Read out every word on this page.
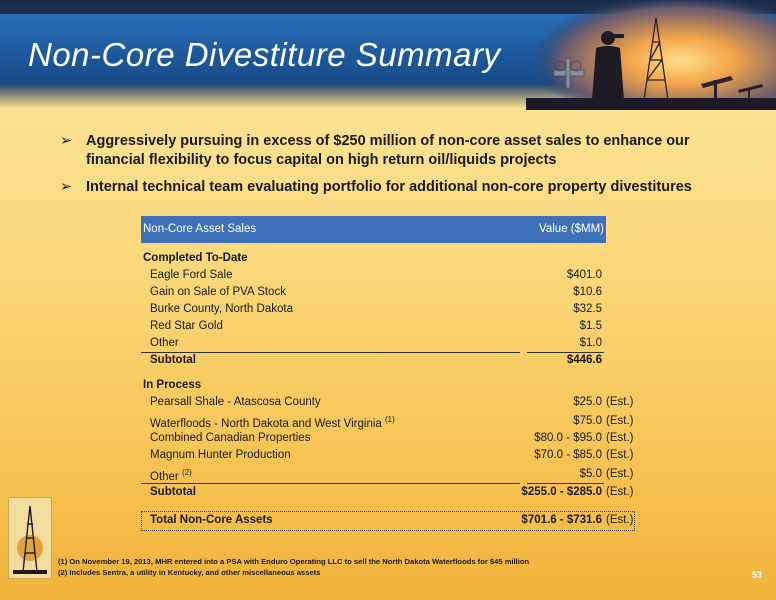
Non-Core Divestiture Summary
➢ Aggressively pursuing in excess of $250 million of non-core asset sales to enhance our
financial flexibility to focus capital on high return oil/liquids projects
➢ Internal technical team evaluating portfolio for additional non-core property divestitures
Non-Core Asset Sales	Value ($MM)
Completed To-Date
Eagle Ford Sale	$401.0
Gain on Sale of PVA Stock	$10.6
Burke County, North Dakota	$32.5
Red Star Gold	$1.5
Other	$1.0
Subtotal	$446.6
In Process
Pearsall Shale - Atascosa County	$25.0 (Est.)
Waterfloods - North Dakota and West Virginia $^{(1)}$	$75.0 (Est.)
Combined Canadian Properties	$80.0 - $95.0 (Est.)
Magnum Hunter Production	$70.0 - $85.0 (Est.)
Other $^{(2)}$	$5.0 (Est.)
Subtotal	$255.0 - $285.0 (Est.)
Total Non-Core Assets	$701.6 - $731.6 (Est.)
(1) On November 19, 2013, MHR entered into a PSA with Enduro Operating LLC to sell the North Dakota Waterfloods for $45 million
(2) Includes Sentra, a utility in Kentucky, and other miscellaneous assets	53
